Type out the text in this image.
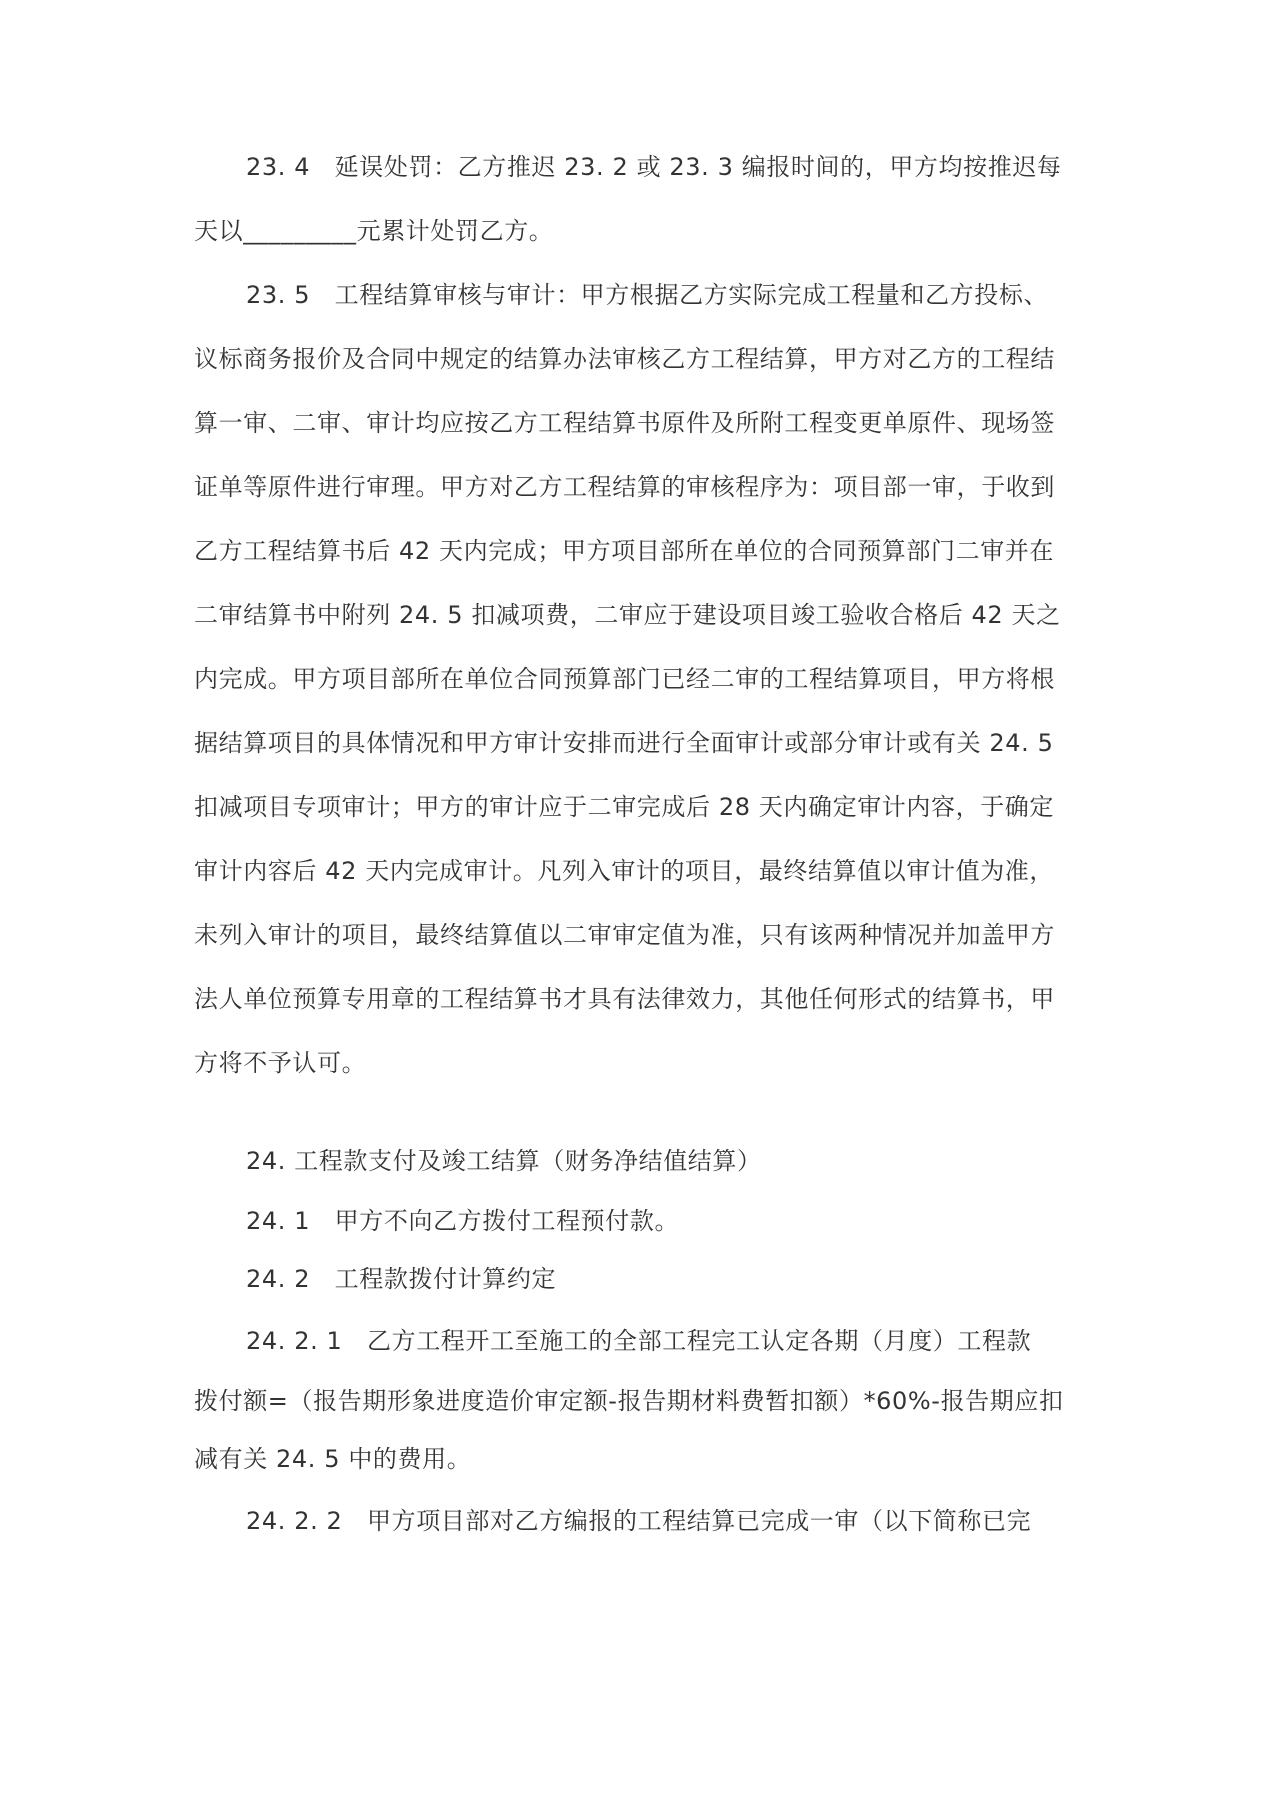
23. 4　延误处罚：乙方推迟 23. 2 或 23. 3 编报时间的，甲方均按推迟每
天以_________元累计处罚乙方。
23. 5　工程结算审核与审计：甲方根据乙方实际完成工程量和乙方投标、
议标商务报价及合同中规定的结算办法审核乙方工程结算，甲方对乙方的工程结
算一审、二审、审计均应按乙方工程结算书原件及所附工程变更单原件、现场签
证单等原件进行审理。甲方对乙方工程结算的审核程序为：项目部一审，于收到
乙方工程结算书后 42 天内完成；甲方项目部所在单位的合同预算部门二审并在
二审结算书中附列 24. 5 扣减项费，二审应于建设项目竣工验收合格后 42 天之
内完成。甲方项目部所在单位合同预算部门已经二审的工程结算项目，甲方将根
据结算项目的具体情况和甲方审计安排而进行全面审计或部分审计或有关 24. 5
扣减项目专项审计；甲方的审计应于二审完成后 28 天内确定审计内容，于确定
审计内容后 42 天内完成审计。凡列入审计的项目，最终结算值以审计值为准，
未列入审计的项目，最终结算值以二审审定值为准，只有该两种情况并加盖甲方
法人单位预算专用章的工程结算书才具有法律效力，其他任何形式的结算书，甲
方将不予认可。
24. 工程款支付及竣工结算（财务净结值结算）
24. 1　甲方不向乙方拨付工程预付款。
24. 2　工程款拨付计算约定
24. 2. 1　乙方工程开工至施工的全部工程完工认定各期（月度）工程款
拨付额=（报告期形象进度造价审定额-报告期材料费暂扣额）*60%-报告期应扣
减有关 24. 5 中的费用。
24. 2. 2　甲方项目部对乙方编报的工程结算已完成一审（以下简称已完
